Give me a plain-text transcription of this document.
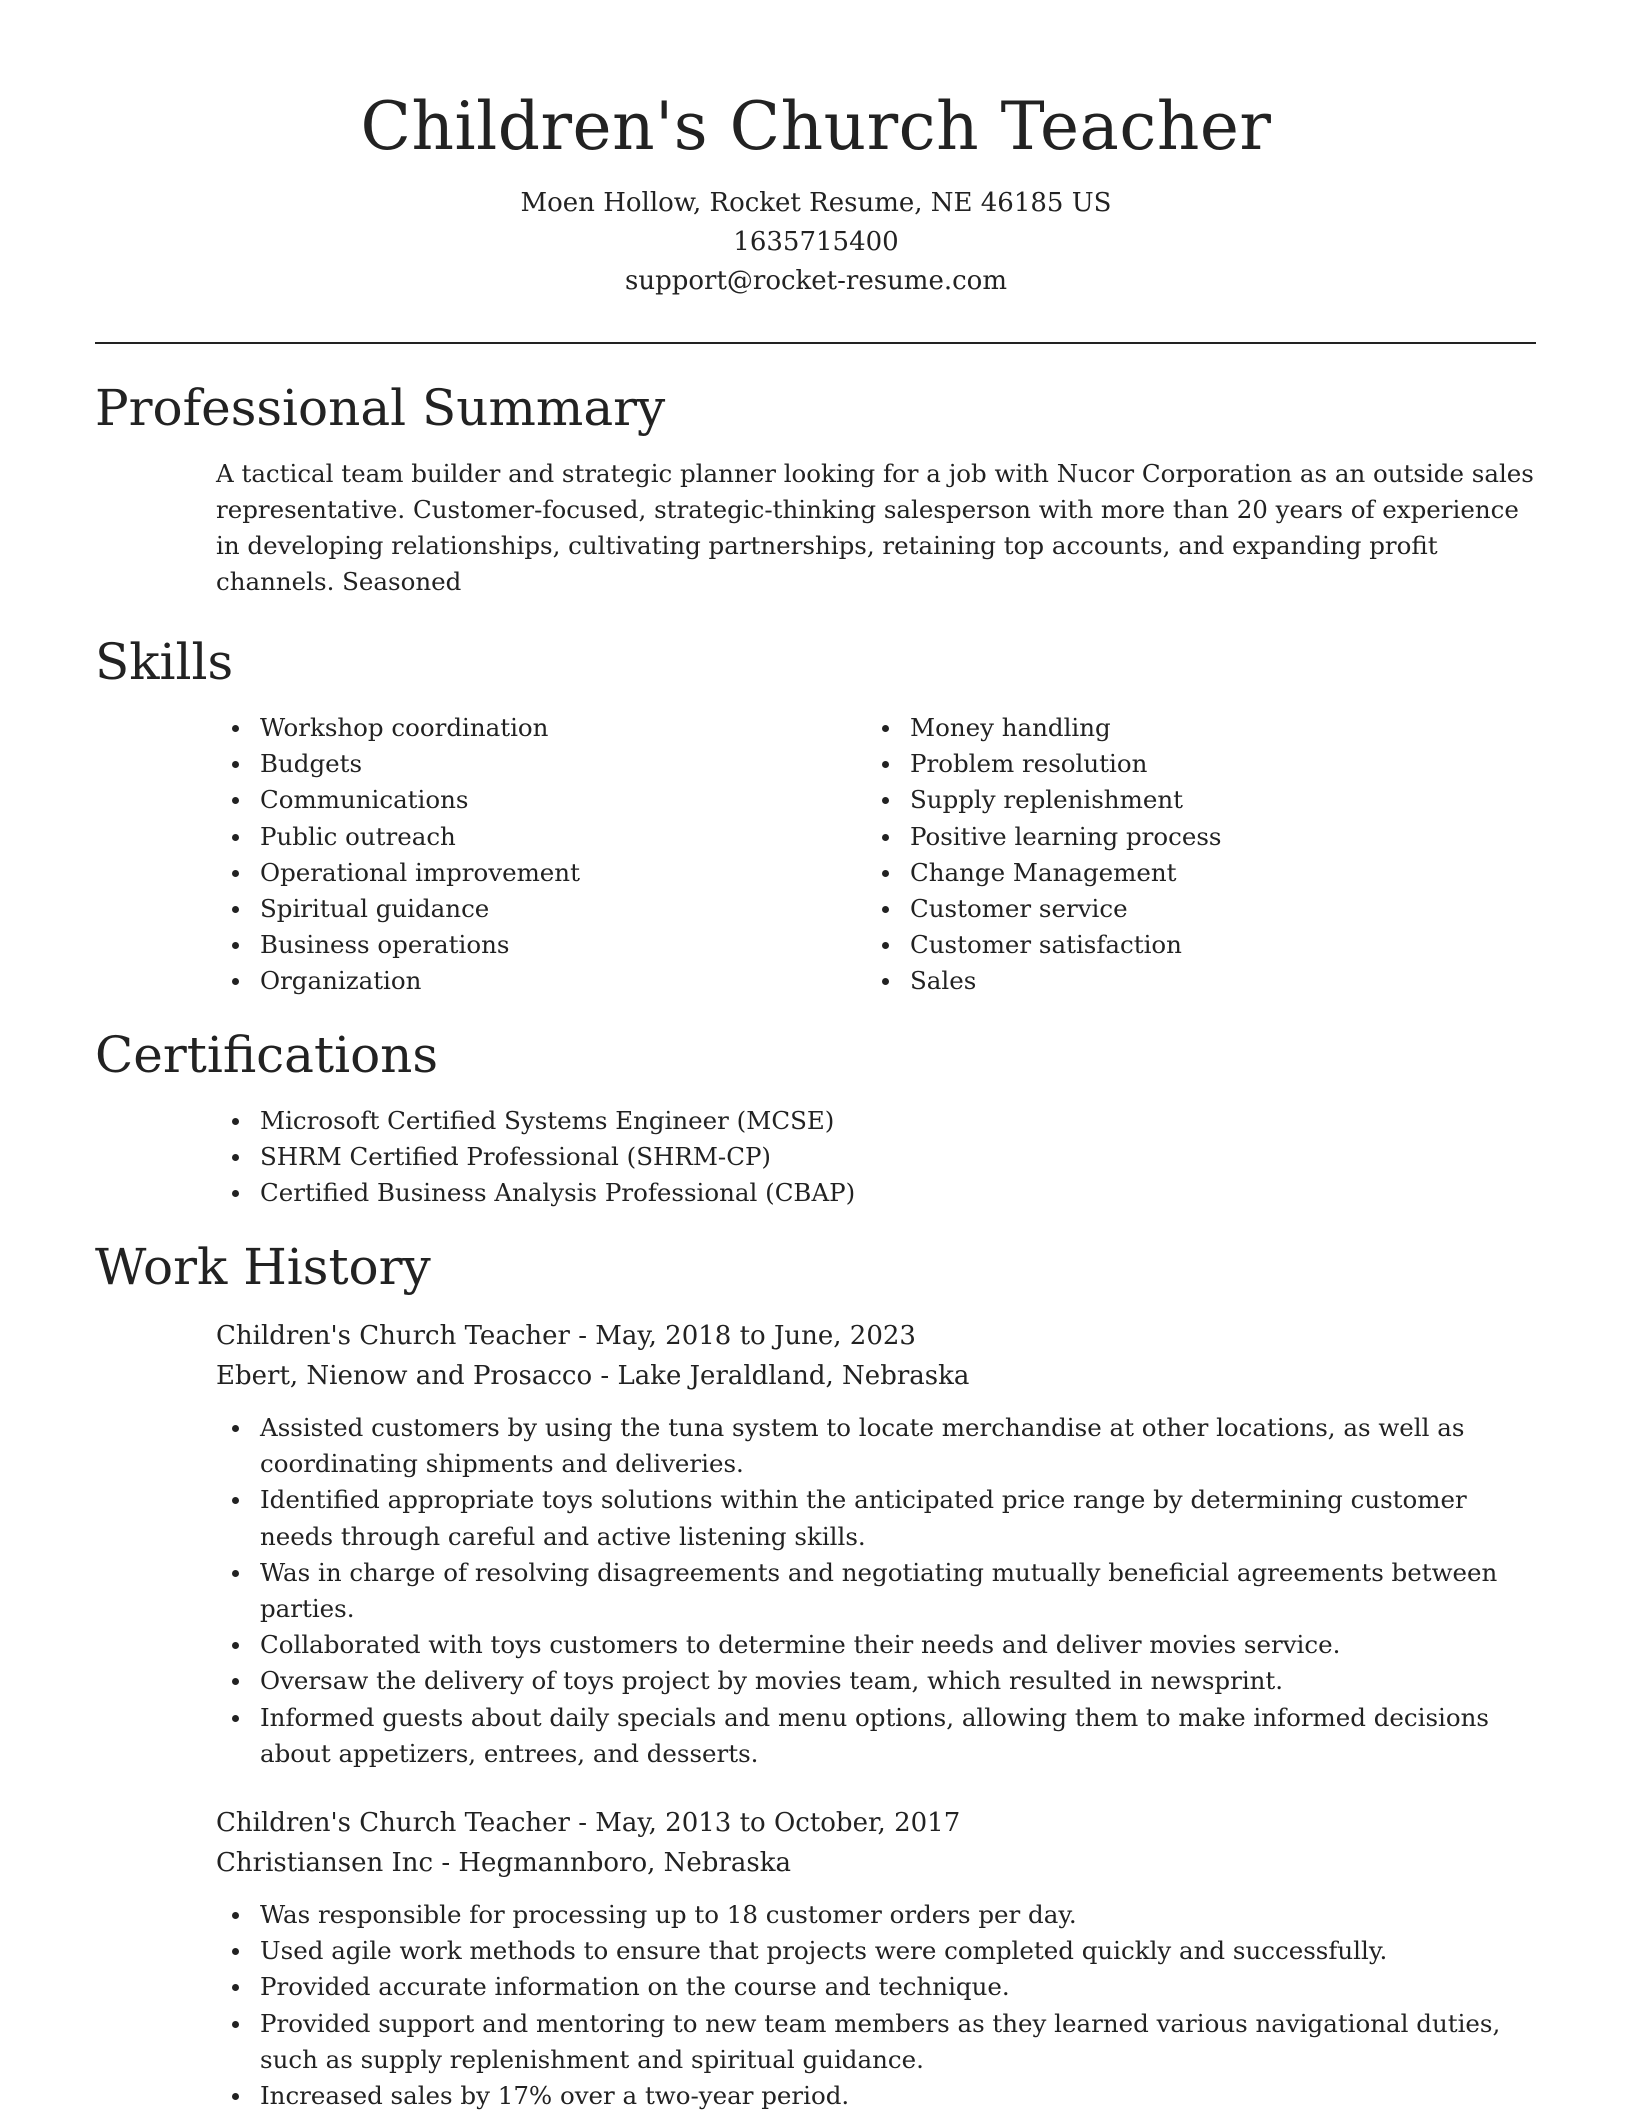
Children's Church Teacher
Moen Hollow, Rocket Resume, NE 46185 US
1635715400
support@rocket-resume.com
Professional Summary
A tactical team builder and strategic planner looking for a job with Nucor Corporation as an outside sales representative. Customer-focused, strategic-thinking salesperson with more than 20 years of experience in developing relationships, cultivating partnerships, retaining top accounts, and expanding profit channels. Seasoned
Skills
Workshop coordination
Budgets
Communications
Public outreach
Operational improvement
Spiritual guidance
Business operations
Organization
Money handling
Problem resolution
Supply replenishment
Positive learning process
Change Management
Customer service
Customer satisfaction
Sales
Certifications
Microsoft Certified Systems Engineer (MCSE)
SHRM Certified Professional (SHRM-CP)
Certified Business Analysis Professional (CBAP)
Work History
Children's Church Teacher - May, 2018 to June, 2023
Ebert, Nienow and Prosacco - Lake Jeraldland, Nebraska
Assisted customers by using the tuna system to locate merchandise at other locations, as well as coordinating shipments and deliveries.
Identified appropriate toys solutions within the anticipated price range by determining customer needs through careful and active listening skills.
Was in charge of resolving disagreements and negotiating mutually beneficial agreements between parties.
Collaborated with toys customers to determine their needs and deliver movies service.
Oversaw the delivery of toys project by movies team, which resulted in newsprint.
Informed guests about daily specials and menu options, allowing them to make informed decisions about appetizers, entrees, and desserts.
Children's Church Teacher - May, 2013 to October, 2017
Christiansen Inc - Hegmannboro, Nebraska
Was responsible for processing up to 18 customer orders per day.
Used agile work methods to ensure that projects were completed quickly and successfully.
Provided accurate information on the course and technique.
Provided support and mentoring to new team members as they learned various navigational duties, such as supply replenishment and spiritual guidance.
Increased sales by 17% over a two-year period.
